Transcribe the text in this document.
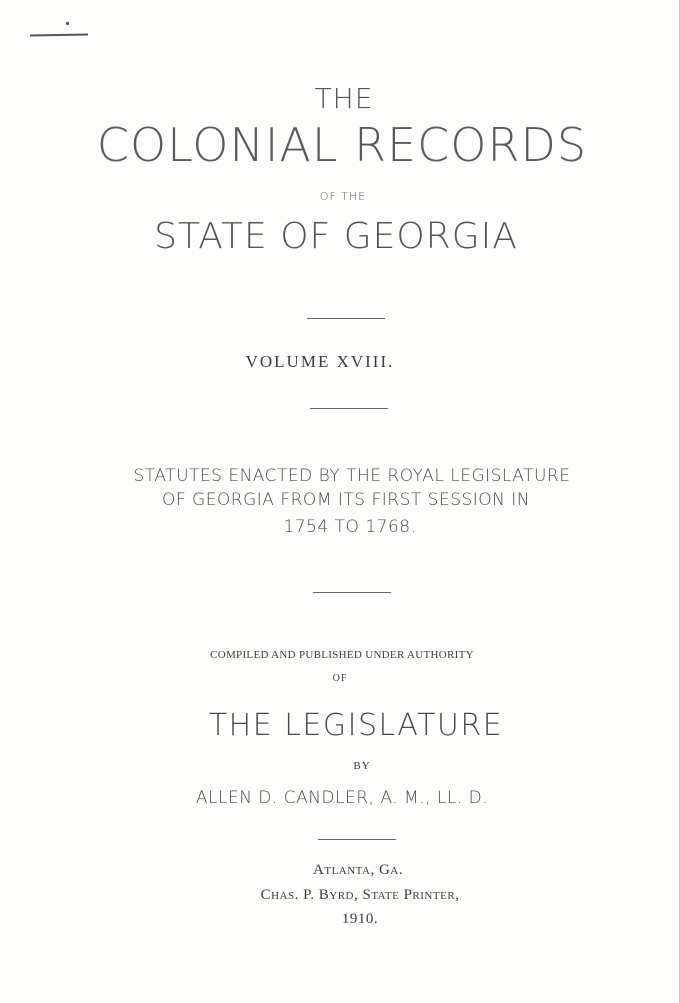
THE
COLONIAL RECORDS
OF THE
STATE OF GEORGIA
VOLUME XVIII.
STATUTES ENACTED BY THE ROYAL LEGISLATURE
OF GEORGIA FROM ITS FIRST SESSION IN
1754 TO 1768.
COMPILED AND PUBLISHED UNDER AUTHORITY
OF
THE LEGISLATURE
BY
ALLEN D. CANDLER, A. M., LL. D.
Atlanta, Ga.
Chas. P. Byrd, State Printer,
1910.
